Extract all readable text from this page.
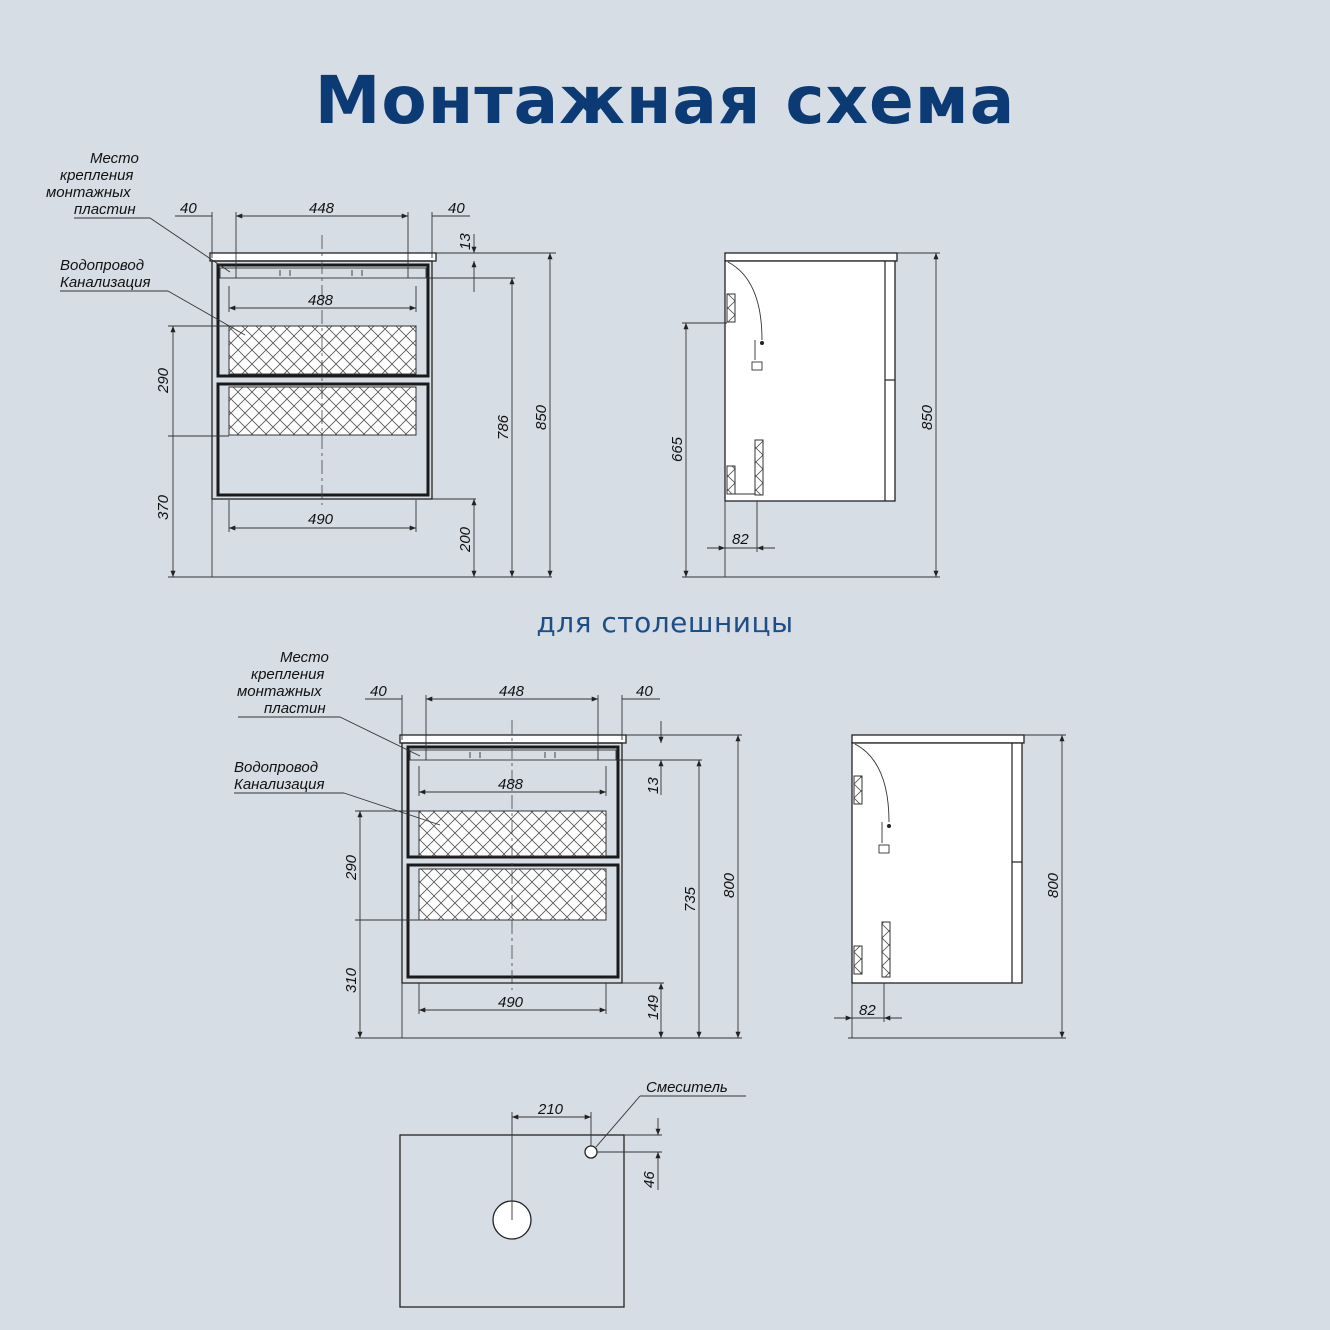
Монтажная схема
для столешницы
40	448	40
488
490
290
370
13
200
786 850
Место
крепления
монтажных
пластин
Водопровод
Канализация
665
850
82
40	448	40
488
490
290
310
13
149
735
800
Место
крепления
монтажных
пластин
Водопровод
Канализация
800
82
210
46
Смеситель
